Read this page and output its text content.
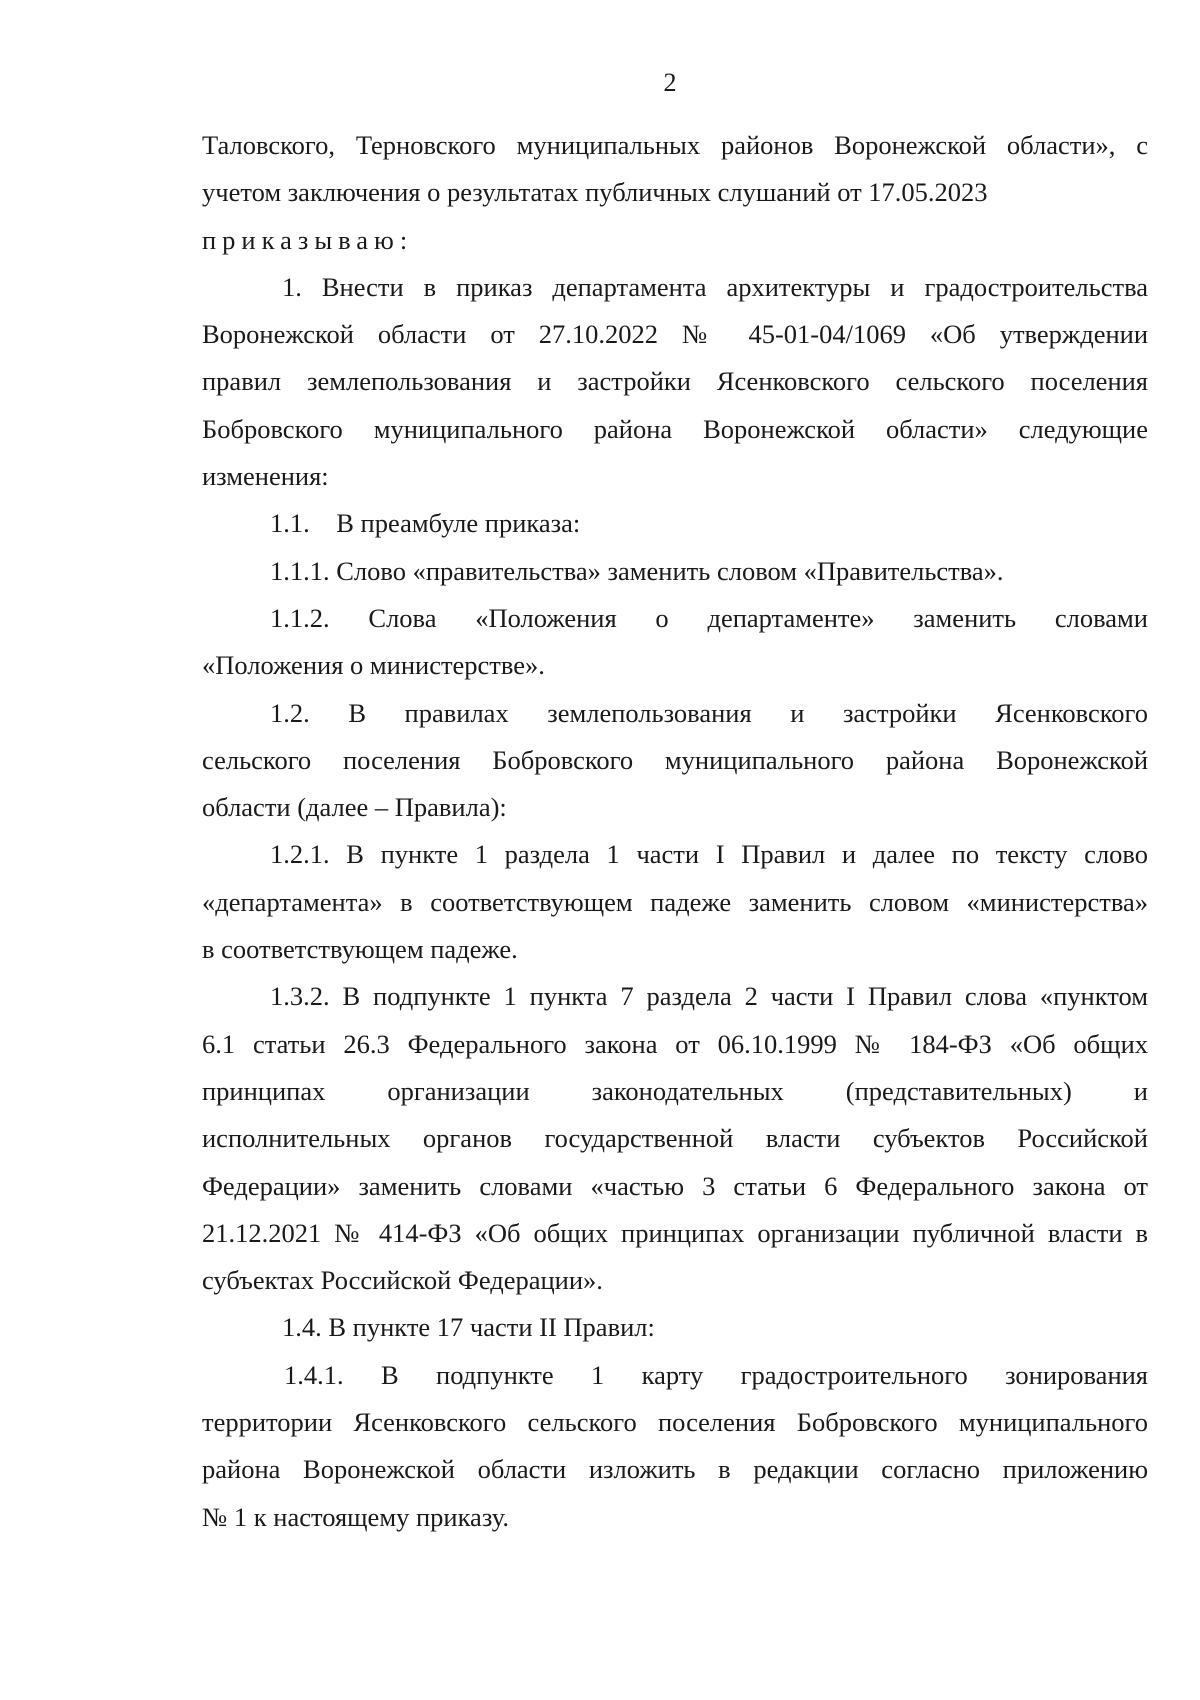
2
Таловского, Терновского муниципальных районов Воронежской области», с
учетом заключения о результатах публичных слушаний от 17.05.2023
приказываю:
1. Внести в приказ департамента архитектуры и градостроительства
Воронежской области от 27.10.2022 № 45-01-04/1069 «Об утверждении
правил землепользования и застройки Ясенковского сельского поселения
Бобровского муниципального района Воронежской области» следующие
изменения:
1.1.    В преамбуле приказа:
1.1.1. Слово «правительства» заменить словом «Правительства».
1.1.2. Слова «Положения о департаменте» заменить словами
«Положения о министерстве».
1.2. В правилах землепользования и застройки Ясенковского
сельского поселения Бобровского муниципального района Воронежской
области (далее – Правила):
1.2.1. В пункте 1 раздела 1 части I Правил и далее по тексту слово
«департамента» в соответствующем падеже заменить словом «министерства»
в соответствующем падеже.
1.3.2. В подпункте 1 пункта 7 раздела 2 части I Правил слова «пунктом
6.1 статьи 26.3 Федерального закона от 06.10.1999 № 184-ФЗ «Об общих
принципах организации законодательных (представительных) и
исполнительных органов государственной власти субъектов Российской
Федерации» заменить словами «частью 3 статьи 6 Федерального закона от
21.12.2021 № 414-ФЗ «Об общих принципах организации публичной власти в
субъектах Российской Федерации».
1.4. В пункте 17 части II Правил:
1.4.1. В подпункте 1 карту градостроительного зонирования
территории Ясенковского сельского поселения Бобровского муниципального
района Воронежской области изложить в редакции согласно приложению
№ 1 к настоящему приказу.
